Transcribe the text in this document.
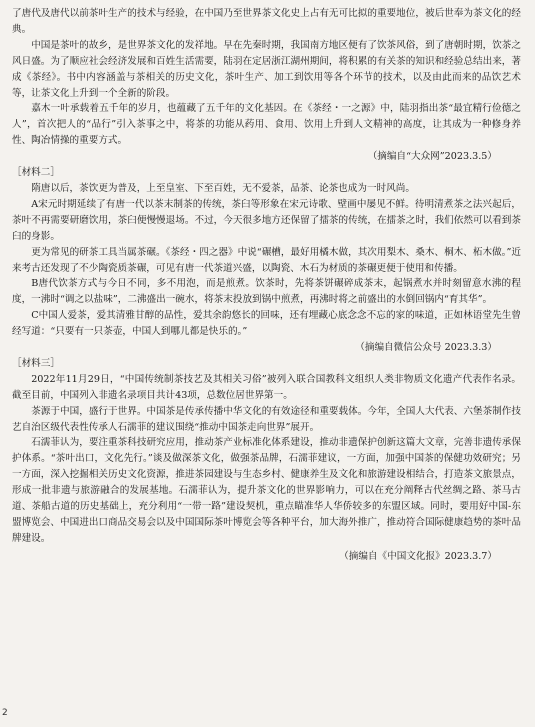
了唐代及唐代以前茶叶生产的技术与经验，在中国乃至世界茶文化史上占有无可比拟的重要地位，被后世奉为茶文化的经典。

中国是茶叶的故乡，是世界茶文化的发祥地。早在先秦时期，我国南方地区便有了饮茶风俗，到了唐朝时期，饮茶之风日盛。为了顺应社会经济发展和百姓生活需要，陆羽在定居浙江湖州期间，将积累的有关茶的知识和经验总结出来，著成《茶经》。书中内容涵盖与茶相关的历史文化，茶叶生产、加工到饮用等各个环节的技术，以及由此而来的品饮艺术等，让茶文化上升到一个全新的阶段。

嘉木一叶承载着五千年的岁月，也蕴藏了五千年的文化基因。在《茶经・一之源》中，陆羽指出茶“最宜精行俭德之人”，首次把人的“品行”引入茶事之中，将茶的功能从药用、食用、饮用上升到人文精神的高度，让其成为一种修身养性、陶冶情操的重要方式。

（摘编自“大众网”2023.3.5）
［材料二］

隋唐以后，茶饮更为普及，上至皇室、下至百姓，无不爱茶，品茶、论茶也成为一时风尚。

A宋元时期延续了有唐一代以茶末制茶的传统，茶臼等形象在宋元诗歌、壁画中屡见不鲜。待明清煮茶之法兴起后，茶叶不再需要研磨饮用，茶臼便慢慢退场。不过，今天很多地方还保留了擂茶的传统，在擂茶之时，我们依然可以看到茶臼的身影。

更为常见的研茶工具当属茶碾。《茶经・四之器》中说“碾槽，最好用橘木做，其次用梨木、桑木、桐木、柘木做。”近来考古还发现了不少陶瓷质茶碾，可见有唐一代茶道兴盛，以陶瓷、木石为材质的茶碾更便于使用和传播。

B唐代饮茶方式与今日不同，多不用泡，而是煎煮。饮茶时，先将茶饼碾碎成茶末，起锅煮水并时刻留意水沸的程度，一沸时“调之以盐味”，二沸盛出一碗水，将茶末投放到锅中煎煮，再沸时将之前盛出的水倒回锅内“育其华”。

C中国人爱茶，爱其清雅甘醇的品性，爱其余韵悠长的回味，还有埋藏心底念念不忘的家的味道，正如林语堂先生曾经写道：“只要有一只茶壶，中国人到哪儿都是快乐的。”

（摘编自微信公众号 2023.3.3）
［材料三］

2022年11月29日，“中国传统制茶技艺及其相关习俗”被列入联合国教科文组织人类非物质文化遗产代表作名录。截至目前，中国列入非遗名录项目共计43项，总数位居世界第一。

茶源于中国，盛行于世界。中国茶是传承传播中华文化的有效途径和重要载体。今年，全国人大代表、六堡茶制作技艺自治区级代表性传承人石濡菲的建议围绕“推动中国茶走向世界”展开。

石濡菲认为，要注重茶科技研究应用，推动茶产业标准化体系建设，推动非遗保护创新这篇大文章，完善非遗传承保护体系。“茶叶出口，文化先行。”谈及做深茶文化，做强茶品牌，石濡菲建议，一方面，加强中国茶的保健功效研究；另一方面，深入挖掘相关历史文化资源，推进茶园建设与生态乡村、健康养生及文化和旅游建设相结合，打造茶文旅景点，形成一批非遗与旅游融合的发展基地。石濡菲认为，提升茶文化的世界影响力，可以在充分阐释古代丝绸之路、茶马古道、茶船古道的历史基础上，充分利用“一带一路”建设契机，重点瞄准华人华侨较多的东盟区域。同时，要用好中国-东盟博览会、中国进出口商品交易会以及中国国际茶叶博览会等各种平台，加大海外推广，推动符合国际健康趋势的茶叶品牌建设。

（摘编自《中国文化报》2023.3.7）
2
